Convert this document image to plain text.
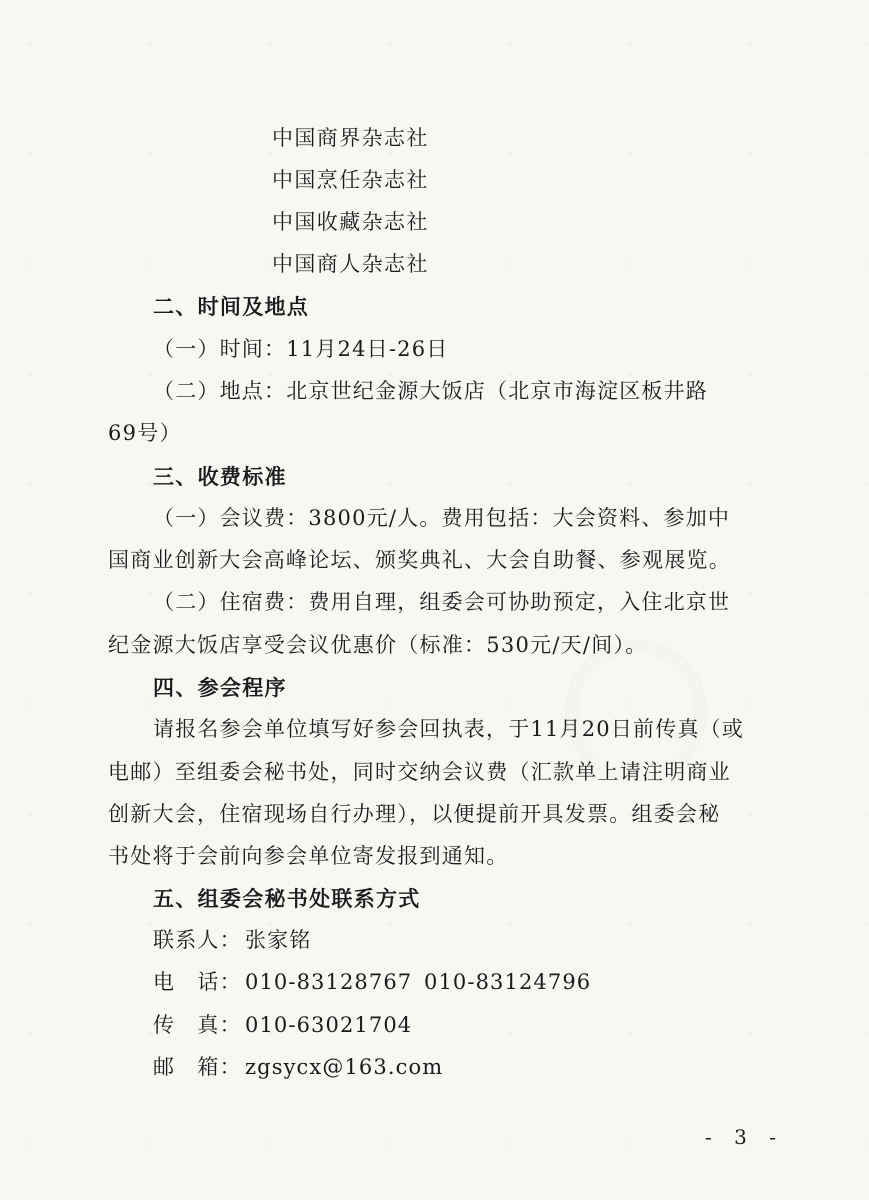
中国商界杂志社
中国烹任杂志社
中国收藏杂志社
中国商人杂志社
二、时间及地点
（一）时间：11月24日-26日
（二）地点：北京世纪金源大饭店（北京市海淀区板井路
69号）
三、收费标准
（一）会议费：3800元/人。费用包括：大会资料、参加中
国商业创新大会高峰论坛、颁奖典礼、大会自助餐、参观展览。
（二）住宿费：费用自理，组委会可协助预定，入住北京世
纪金源大饭店享受会议优惠价（标准：530元/天/间）。
四、参会程序
请报名参会单位填写好参会回执表，于11月20日前传真（或
电邮）至组委会秘书处，同时交纳会议费（汇款单上请注明商业
创新大会，住宿现场自行办理），以便提前开具发票。组委会秘
书处将于会前向参会单位寄发报到通知。
五、组委会秘书处联系方式
联系人： 张家铭
电　话： 010-83128767 010-83124796
传　真： 010-63021704
邮　箱： zgsycx@163.com
- 3 -
